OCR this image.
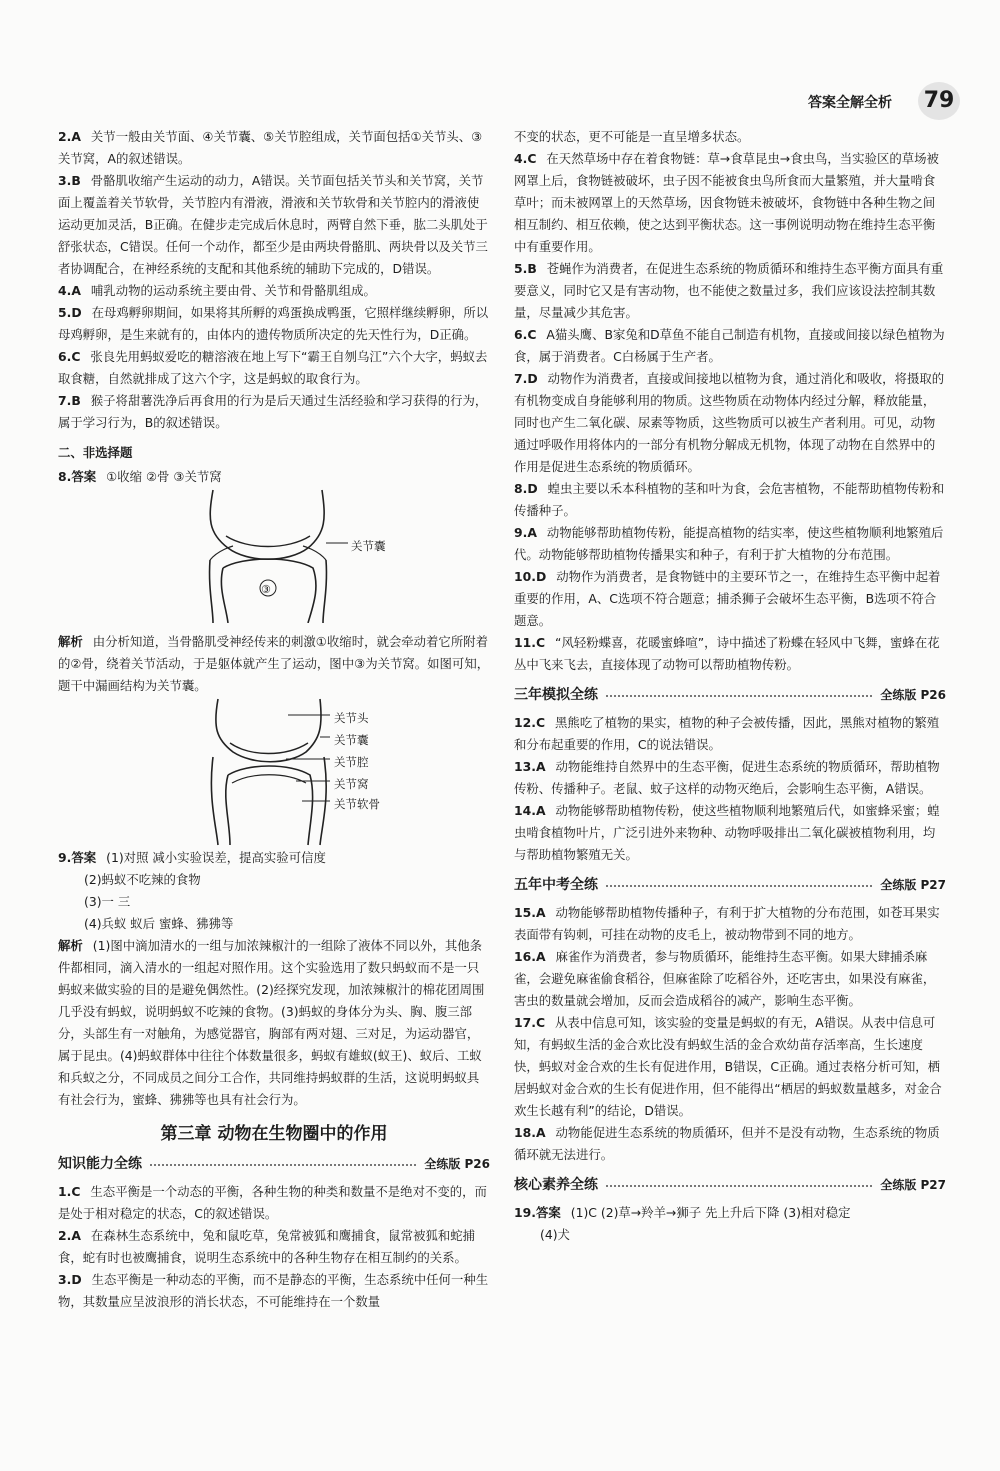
答案全解全析 79

2.A 关节一般由关节面、④关节囊、⑤关节腔组成，关节面包括①关节头、③关节窝，A的叙述错误。

3.B 骨骼肌收缩产生运动的动力，A错误。关节面包括关节头和关节窝，关节面上覆盖着关节软骨，关节腔内有滑液，滑液和关节软骨和关节腔内的滑液使运动更加灵活，B正确。在健步走完成后休息时，两臂自然下垂，肱二头肌处于舒张状态，C错误。任何一个动作，都至少是由两块骨骼肌、两块骨以及关节三者协调配合，在神经系统的支配和其他系统的辅助下完成的，D错误。

4.A 哺乳动物的运动系统主要由骨、关节和骨骼肌组成。

5.D 在母鸡孵卵期间，如果将其所孵的鸡蛋换成鸭蛋，它照样继续孵卵，所以母鸡孵卵，是生来就有的，由体内的遗传物质所决定的先天性行为，D正确。

6.C 张良先用蚂蚁爱吃的糖溶液在地上写下“霸王自刎乌江”六个大字，蚂蚁去取食糖，自然就排成了这六个字，这是蚂蚁的取食行为。

7.B 猴子将甜薯洗净后再食用的行为是后天通过生活经验和学习获得的行为，属于学习行为，B的叙述错误。

二、非选择题

8.答案 ①收缩 ②骨 ③关节窝

③
关节囊

解析 由分析知道，当骨骼肌受神经传来的刺激①收缩时，就会牵动着它所附着的②骨，绕着关节活动，于是躯体就产生了运动，图中③为关节窝。如图可知，题干中漏画结构为关节囊。

关节头
关节囊
关节腔
关节窝
关节软骨

9.答案 (1)对照 减小实验误差，提高实验可信度

(2)蚂蚁不吃辣的食物
(3)一 三
(4)兵蚁 蚁后 蜜蜂、狒狒等

解析 (1)图中滴加清水的一组与加浓辣椒汁的一组除了液体不同以外，其他条件都相同，滴入清水的一组起对照作用。这个实验选用了数只蚂蚁而不是一只蚂蚁来做实验的目的是避免偶然性。(2)经探究发现，加浓辣椒汁的棉花团周围几乎没有蚂蚁，说明蚂蚁不吃辣的食物。(3)蚂蚁的身体分为头、胸、腹三部分，头部生有一对触角，为感觉器官，胸部有两对翅、三对足，为运动器官，属于昆虫。(4)蚂蚁群体中往往个体数量很多，蚂蚁有雄蚁(蚁王)、蚁后、工蚁和兵蚁之分，不同成员之间分工合作，共同维持蚂蚁群的生活，这说明蚂蚁具有社会行为，蜜蜂、狒狒等也具有社会行为。

第三章 动物在生物圈中的作用
知识能力全练	全练版 P26

1.C 生态平衡是一个动态的平衡，各种生物的种类和数量不是绝对不变的，而是处于相对稳定的状态，C的叙述错误。

2.A 在森林生态系统中，兔和鼠吃草，兔常被狐和鹰捕食，鼠常被狐和蛇捕食，蛇有时也被鹰捕食，说明生态系统中的各种生物存在相互制约的关系。

3.D 生态平衡是一种动态的平衡，而不是静态的平衡，生态系统中任何一种生物，其数量应呈波浪形的消长状态，不可能维持在一个数量

不变的状态，更不可能是一直呈增多状态。

4.C 在天然草场中存在着食物链：草→食草昆虫→食虫鸟，当实验区的草场被网罩上后，食物链被破坏，虫子因不能被食虫鸟所食而大量繁殖，并大量啃食草叶；而未被网罩上的天然草场，因食物链未被破坏，食物链中各种生物之间相互制约、相互依赖，使之达到平衡状态。这一事例说明动物在维持生态平衡中有重要作用。

5.B 苍蝇作为消费者，在促进生态系统的物质循环和维持生态平衡方面具有重要意义，同时它又是有害动物，也不能使之数量过多，我们应该设法控制其数量，尽量减少其危害。

6.C A猫头鹰、B家兔和D草鱼不能自己制造有机物，直接或间接以绿色植物为食，属于消费者。C白杨属于生产者。

7.D 动物作为消费者，直接或间接地以植物为食，通过消化和吸收，将摄取的有机物变成自身能够利用的物质。这些物质在动物体内经过分解，释放能量，同时也产生二氧化碳、尿素等物质，这些物质可以被生产者利用。可见，动物通过呼吸作用将体内的一部分有机物分解成无机物，体现了动物在自然界中的作用是促进生态系统的物质循环。

8.D 蝗虫主要以禾本科植物的茎和叶为食，会危害植物，不能帮助植物传粉和传播种子。

9.A 动物能够帮助植物传粉，能提高植物的结实率，使这些植物顺利地繁殖后代。动物能够帮助植物传播果实和种子，有利于扩大植物的分布范围。

10.D 动物作为消费者，是食物链中的主要环节之一，在维持生态平衡中起着重要的作用，A、C选项不符合题意；捕杀狮子会破坏生态平衡，B选项不符合题意。

11.C “风轻粉蝶喜，花暖蜜蜂喧”，诗中描述了粉蝶在轻风中飞舞，蜜蜂在花丛中飞来飞去，直接体现了动物可以帮助植物传粉。

三年模拟全练	全练版 P26

12.C 黑熊吃了植物的果实，植物的种子会被传播，因此，黑熊对植物的繁殖和分布起重要的作用，C的说法错误。

13.A 动物能维持自然界中的生态平衡，促进生态系统的物质循环，帮助植物传粉、传播种子。老鼠、蚊子这样的动物灭绝后，会影响生态平衡，A错误。

14.A 动物能够帮助植物传粉，使这些植物顺利地繁殖后代，如蜜蜂采蜜；蝗虫啃食植物叶片，广泛引进外来物种、动物呼吸排出二氧化碳被植物利用，均与帮助植物繁殖无关。

五年中考全练	全练版 P27

15.A 动物能够帮助植物传播种子，有利于扩大植物的分布范围，如苍耳果实表面带有钩刺，可挂在动物的皮毛上，被动物带到不同的地方。

16.A 麻雀作为消费者，参与物质循环，能维持生态平衡。如果大肆捕杀麻雀，会避免麻雀偷食稻谷，但麻雀除了吃稻谷外，还吃害虫，如果没有麻雀，害虫的数量就会增加，反而会造成稻谷的减产，影响生态平衡。

17.C 从表中信息可知，该实验的变量是蚂蚁的有无，A错误。从表中信息可知，有蚂蚁生活的金合欢比没有蚂蚁生活的金合欢幼苗存活率高，生长速度快，蚂蚁对金合欢的生长有促进作用，B错误，C正确。通过表格分析可知，栖居蚂蚁对金合欢的生长有促进作用，但不能得出“栖居的蚂蚁数量越多，对金合欢生长越有利”的结论，D错误。

18.A 动物能促进生态系统的物质循环，但并不是没有动物，生态系统的物质循环就无法进行。

核心素养全练	全练版 P27

19.答案 (1)C (2)草→羚羊→狮子 先上升后下降 (3)相对稳定

(4)犬
